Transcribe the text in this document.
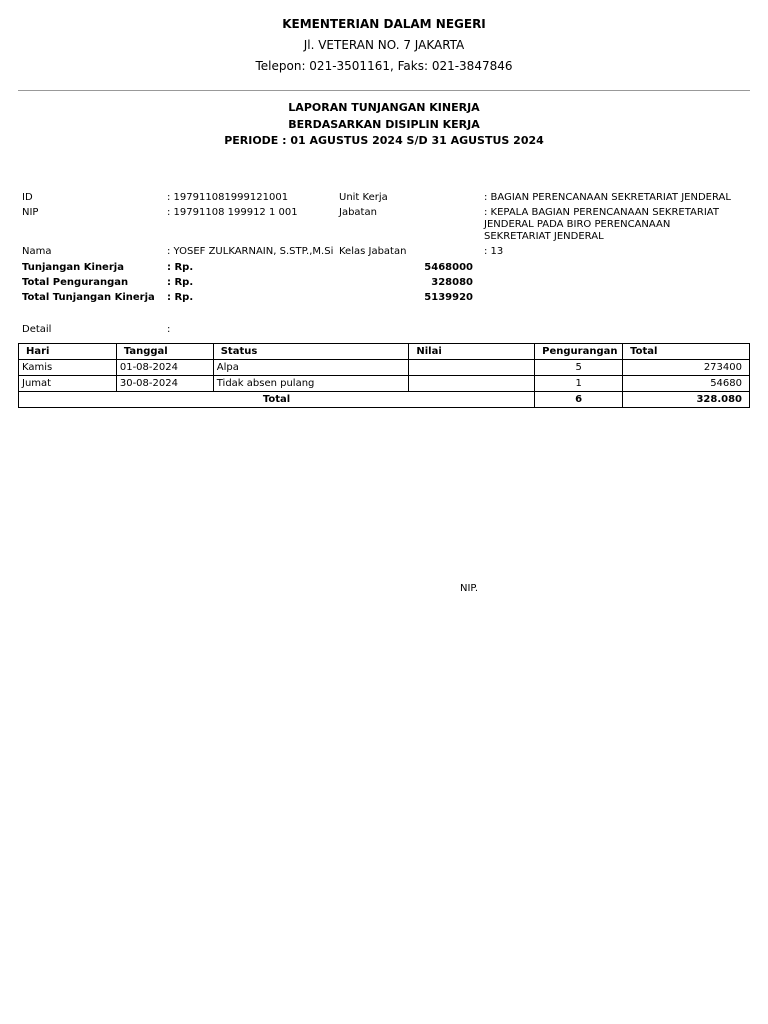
KEMENTERIAN DALAM NEGERI
Jl. VETERAN NO. 7 JAKARTA
Telepon: 021-3501161, Faks: 021-3847846
LAPORAN TUNJANGAN KINERJA
BERDASARKAN DISIPLIN KERJA
PERIODE : 01 AGUSTUS 2024 S/D 31 AGUSTUS 2024
ID	: 197911081999121001	Unit Kerja	: BAGIAN PERENCANAAN SEKRETARIAT JENDERAL
NIP	: 19791108 199912 1 001	Jabatan	: KEPALA BAGIAN PERENCANAAN SEKRETARIAT JENDERAL PADA BIRO PERENCANAAN SEKRETARIAT JENDERAL
Nama	: YOSEF ZULKARNAIN, S.STP.,M.Si Kelas Jabatan	: 13
Tunjangan Kinerja	: Rp.	5468000
Total Pengurangan	: Rp.	328080
Total Tunjangan Kinerja : Rp.	5139920
Detail	:
Hari	Tanggal	Status	Nilai	Pengurangan	Total
Kamis	01-08-2024	Alpa		5	273400
Jumat	30-08-2024	Tidak absen pulang		1	54680
Total				6	328.080
NIP.
